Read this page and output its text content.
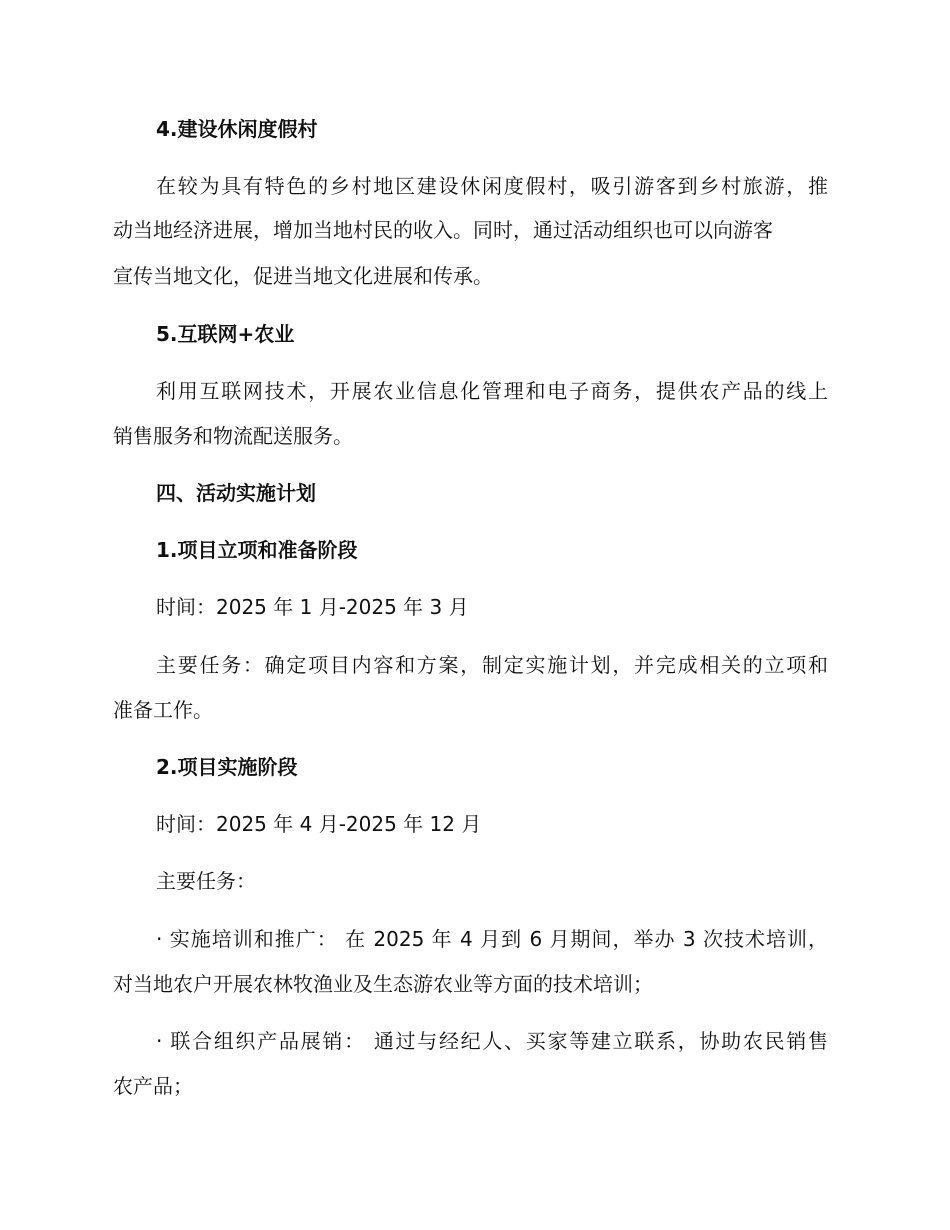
4.建设休闲度假村
在较为具有特色的乡村地区建设休闲度假村，吸引游客到乡村旅游，推
动当地经济进展，增加当地村民的收入。同时，通过活动组织也可以向游客
宣传当地文化，促进当地文化进展和传承。
5.互联网+农业
利用互联网技术，开展农业信息化管理和电子商务，提供农产品的线上
销售服务和物流配送服务。
四、活动实施计划
1.项目立项和准备阶段
时间：2025 年 1 月-2025 年 3 月
主要任务：确定项目内容和方案，制定实施计划，并完成相关的立项和
准备工作。
2.项目实施阶段
时间：2025 年 4 月-2025 年 12 月
主要任务：
· 实施培训和推广： 在 2025 年 4 月到 6 月期间，举办 3 次技术培训，
对当地农户开展农林牧渔业及生态游农业等方面的技术培训；
· 联合组织产品展销： 通过与经纪人、买家等建立联系，协助农民销售
农产品；
